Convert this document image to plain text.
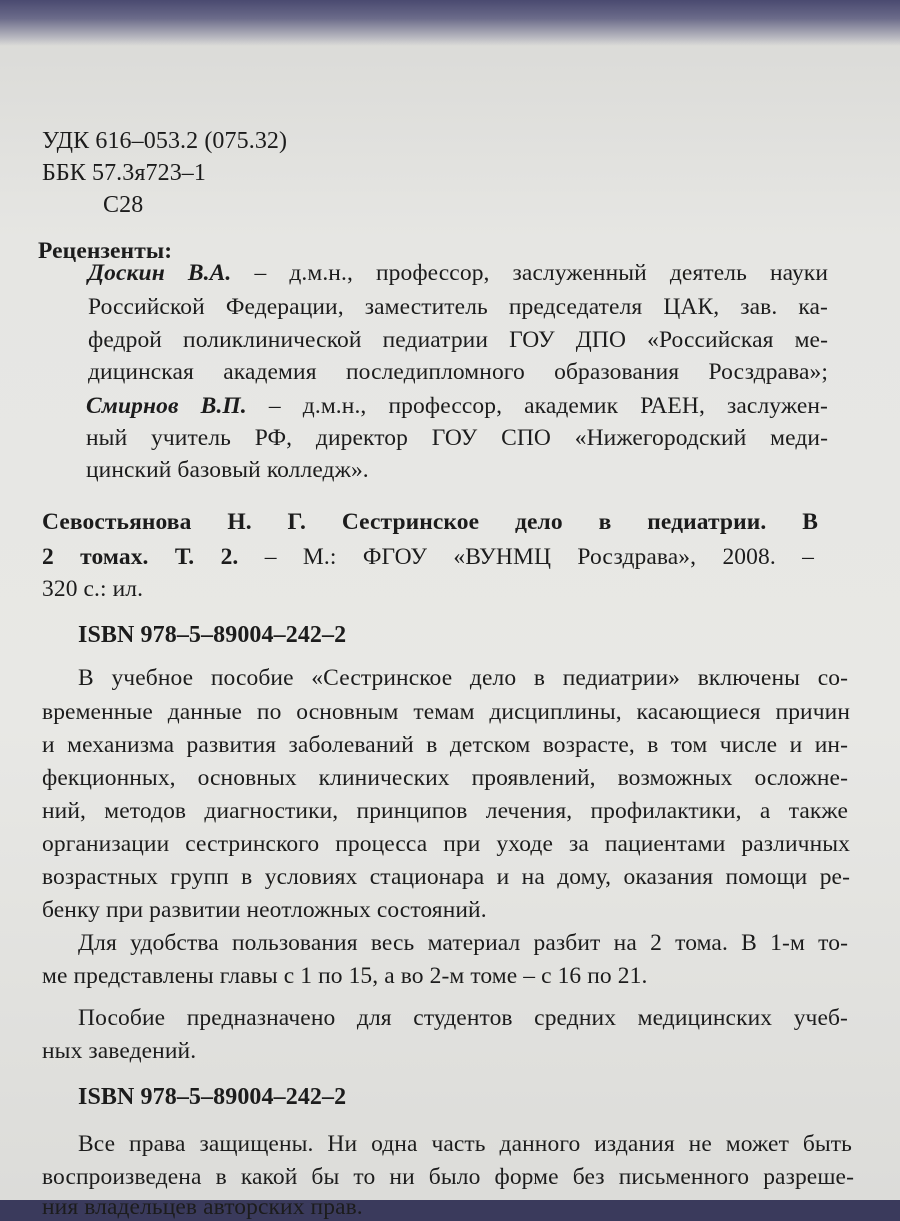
УДК 616–053.2 (075.32)
ББК 57.3я723–1
С28
Рецензенты:
Доскин В.А. – д.м.н., профессор, заслуженный деятель науки
Российской Федерации, заместитель председателя ЦАК, зав. ка-
федрой поликлинической педиатрии ГОУ ДПО «Российская ме-
дицинская академия последипломного образования Росздрава»;
Смирнов В.П. – д.м.н., профессор, академик РАЕН, заслужен-
ный учитель РФ, директор ГОУ СПО «Нижегородский меди-
цинский базовый колледж».
Севостьянова Н. Г. Сестринское дело в педиатрии. В
2 томах. Т. 2. – М.: ФГОУ «ВУНМЦ Росздрава», 2008. –
320 с.: ил.
ISBN 978–5–89004–242–2
В учебное пособие «Сестринское дело в педиатрии» включены со-
временные данные по основным темам дисциплины, касающиеся причин
и механизма развития заболеваний в детском возрасте, в том числе и ин-
фекционных, основных клинических проявлений, возможных осложне-
ний, методов диагностики, принципов лечения, профилактики, а также
организации сестринского процесса при уходе за пациентами различных
возрастных групп в условиях стационара и на дому, оказания помощи ре-
бенку при развитии неотложных состояний.
Для удобства пользования весь материал разбит на 2 тома. В 1-м то-
ме представлены главы с 1 по 15, а во 2-м томе – с 16 по 21.
Пособие предназначено для студентов средних медицинских учеб-
ных заведений.
ISBN 978–5–89004–242–2
Все права защищены. Ни одна часть данного издания не может быть
воспроизведена в какой бы то ни было форме без письменного разреше-
ния владельцев авторских прав.
